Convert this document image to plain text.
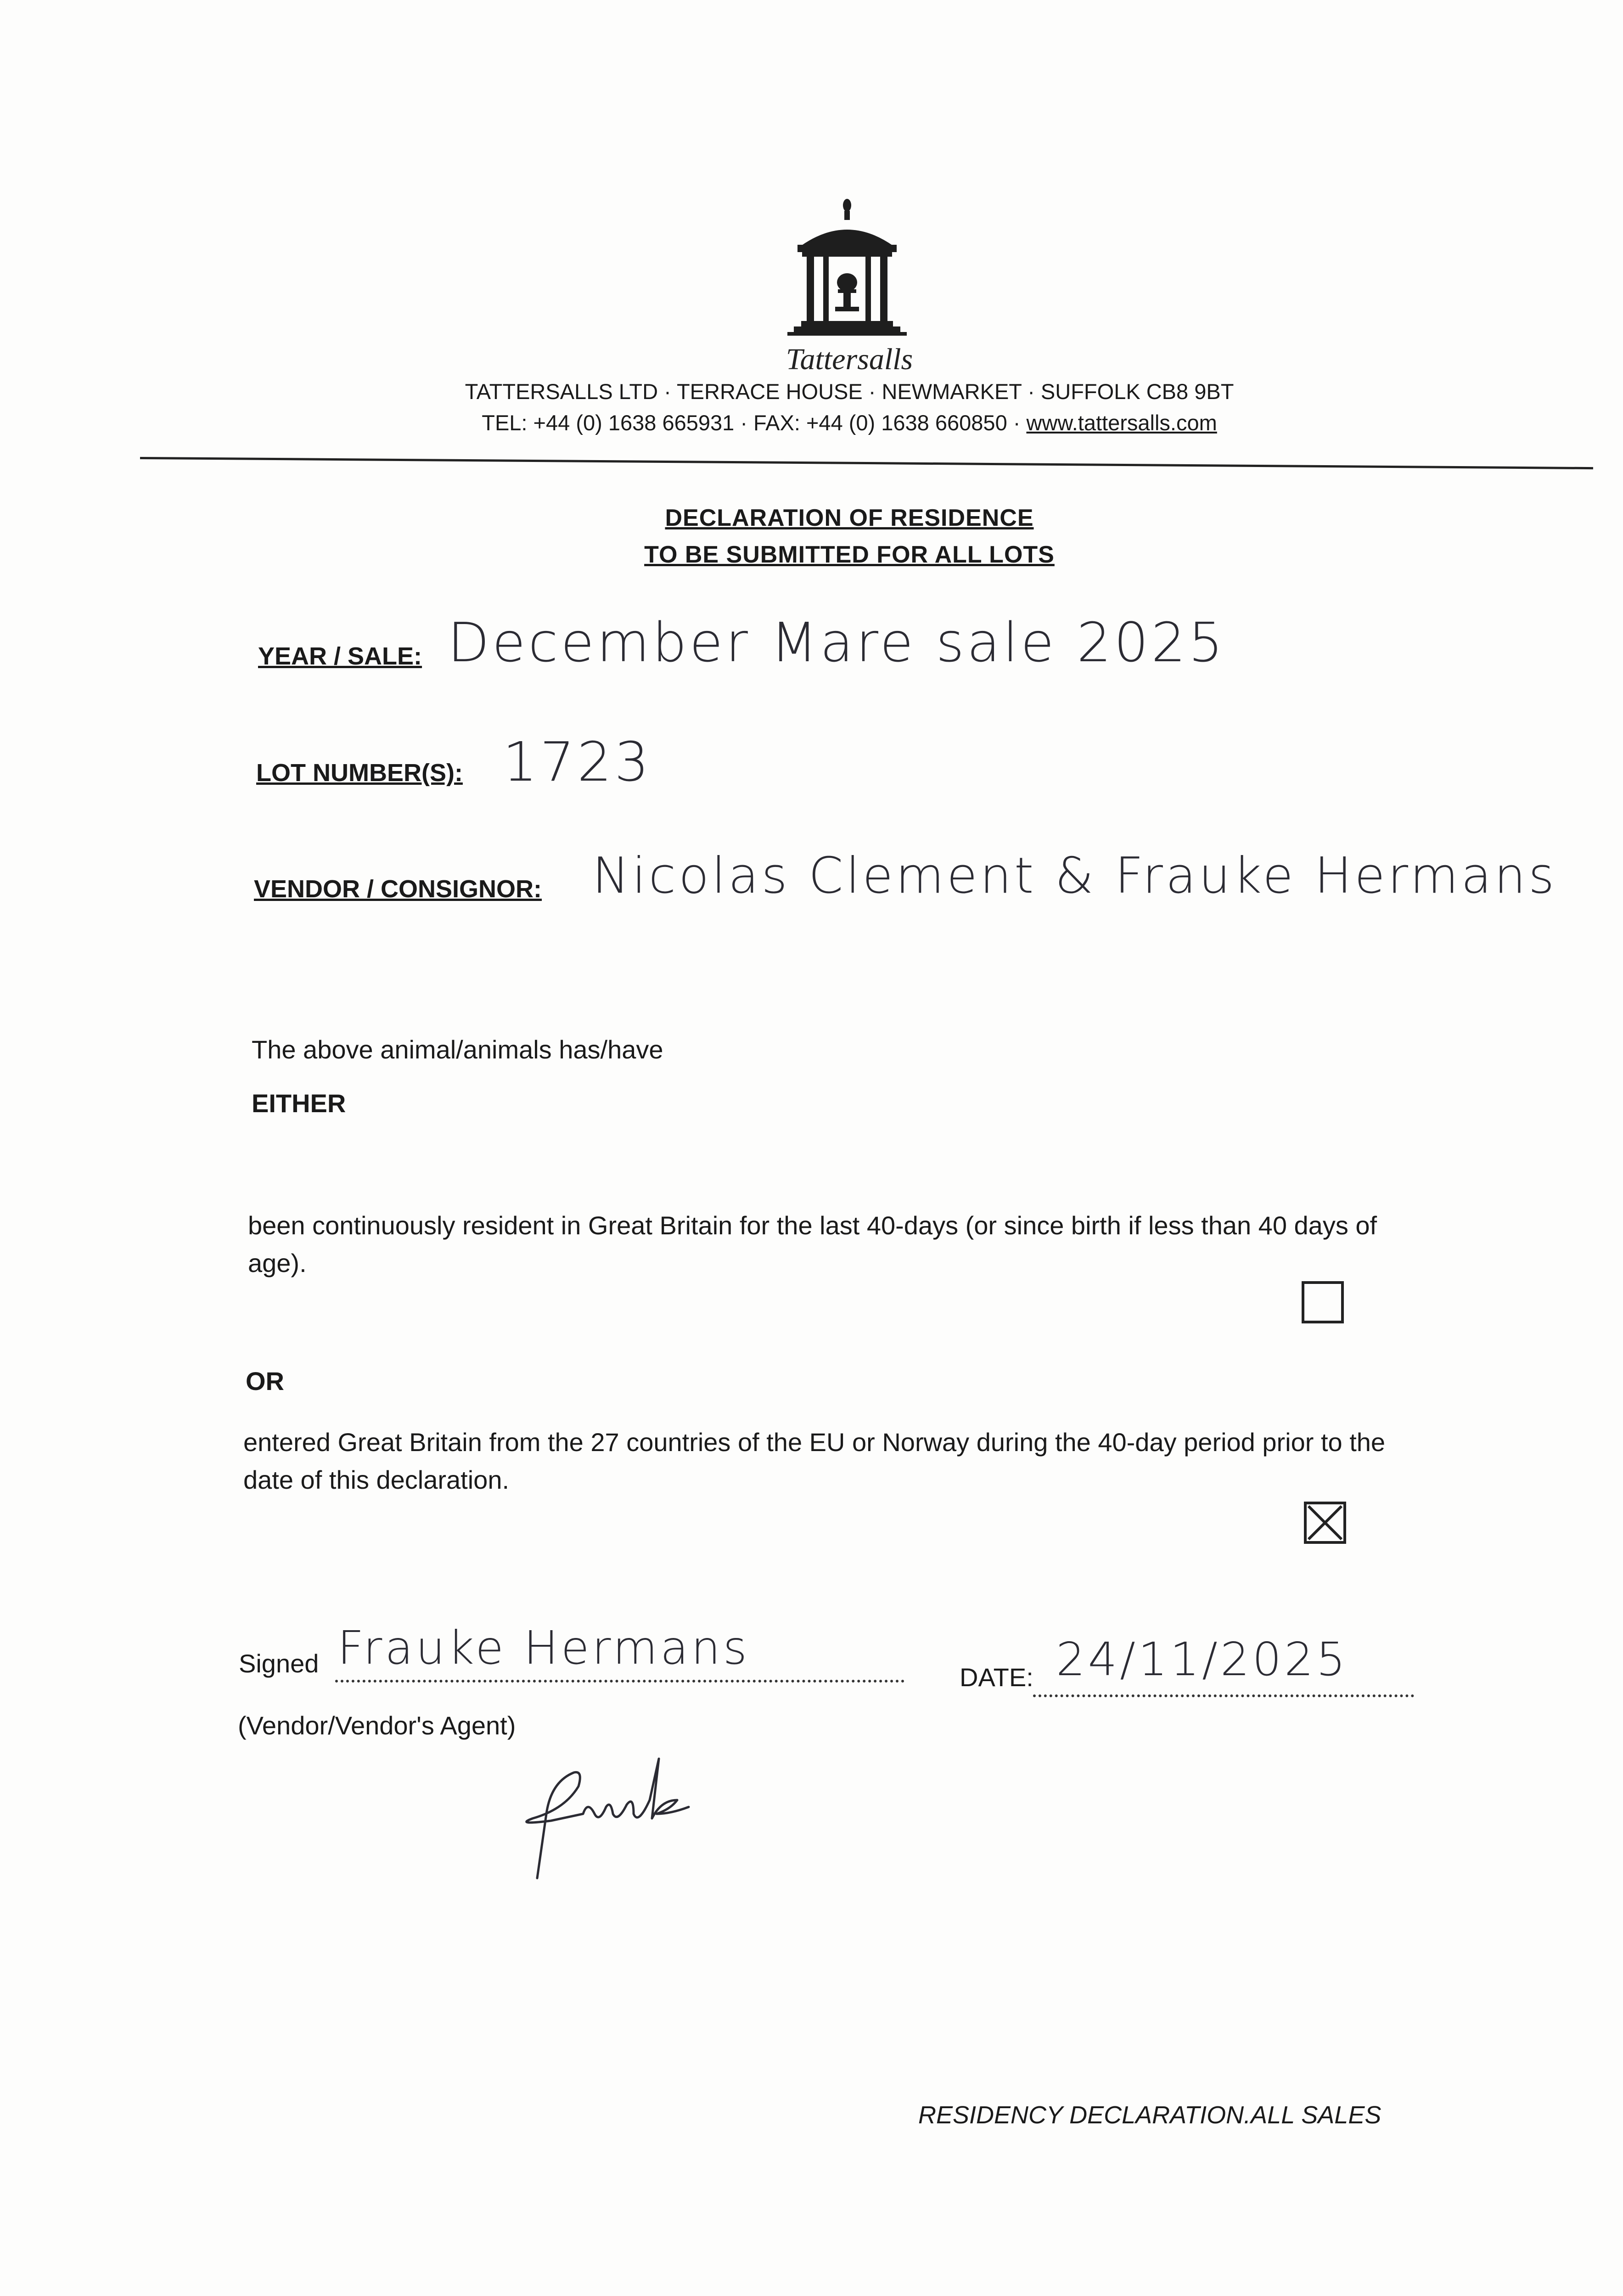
Tattersalls
TATTERSALLS LTD · TERRACE HOUSE · NEWMARKET · SUFFOLK CB8 9BT
TEL: +44 (0) 1638 665931 · FAX: +44 (0) 1638 660850 · www.tattersalls.com
DECLARATION OF RESIDENCE
TO BE SUBMITTED FOR ALL LOTS
YEAR / SALE: December Mare sale 2025
LOT NUMBER(S): 1723
VENDOR / CONSIGNOR: Nicolas Clement & Frauke Hermans
The above animal/animals has/have
EITHER
been continuously resident in Great Britain for the last 40-days (or since birth if less than 40 days of age).
OR
entered Great Britain from the 27 countries of the EU or Norway during the 40-day period prior to the date of this declaration.
Signed Frauke Hermans
DATE: 24/11/2025
(Vendor/Vendor's Agent)
RESIDENCY DECLARATION.ALL SALES
